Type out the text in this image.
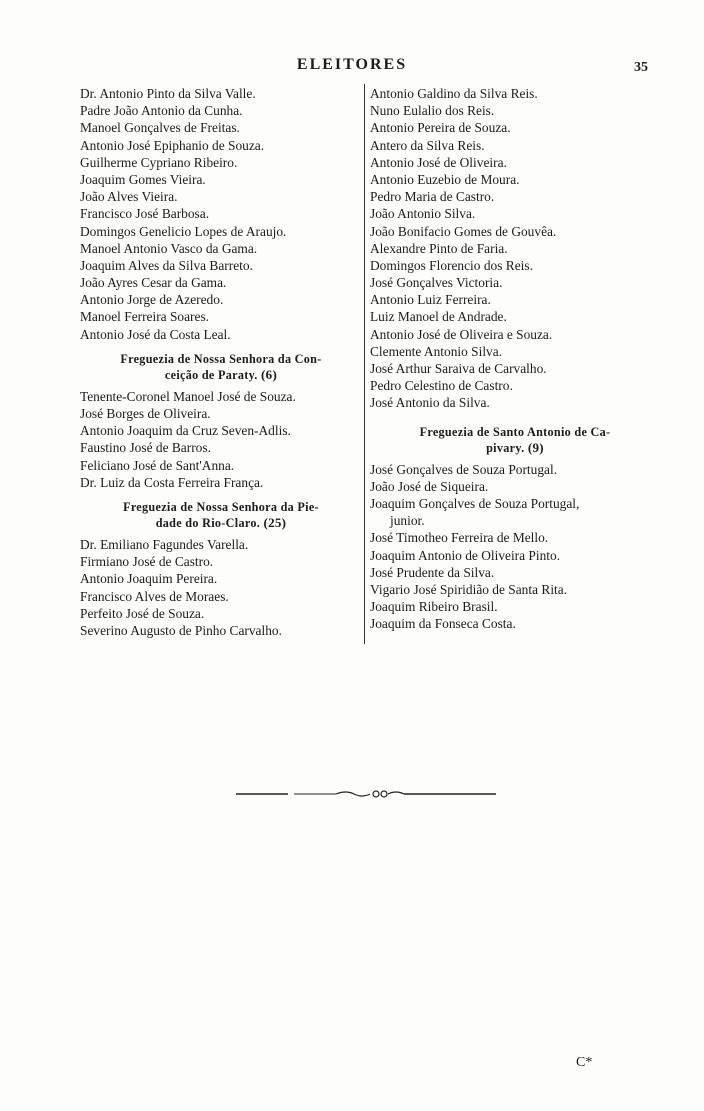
ELEITORES	35
Dr. Antonio Pinto da Silva Valle.
Padre João Antonio da Cunha.
Manoel Gonçalves de Freitas.
Antonio José Epiphanio de Souza.
Guilherme Cypriano Ribeiro.
Joaquim Gomes Vieira.
João Alves Vieira.
Francisco José Barbosa.
Domingos Genelicio Lopes de Araujo.
Manoel Antonio Vasco da Gama.
Joaquim Alves da Silva Barreto.
João Ayres Cesar da Gama.
Antonio Jorge de Azeredo.
Manoel Ferreira Soares.
Antonio José da Costa Leal.
Freguezia de Nossa Senhora da Con-
ceição de Paraty. (6)
Tenente-Coronel Manoel José de Souza.
José Borges de Oliveira.
Antonio Joaquim da Cruz Seven-Adlis.
Faustino José de Barros.
Feliciano José de Sant'Anna.
Dr. Luiz da Costa Ferreira França.
Freguezia de Nossa Senhora da Pie-
dade do Rio-Claro. (25)
Dr. Emiliano Fagundes Varella.
Firmiano José de Castro.
Antonio Joaquim Pereira.
Francisco Alves de Moraes.
Perfeito José de Souza.
Severino Augusto de Pinho Carvalho.
Antonio Galdino da Silva Reis.
Nuno Eulalio dos Reis.
Antonio Pereira de Souza.
Antero da Silva Reis.
Antonio José de Oliveira.
Antonio Euzebio de Moura.
Pedro Maria de Castro.
João Antonio Silva.
João Bonifacio Gomes de Gouvêa.
Alexandre Pinto de Faria.
Domingos Florencio dos Reis.
José Gonçalves Victoria.
Antonio Luiz Ferreira.
Luiz Manoel de Andrade.
Antonio José de Oliveira e Souza.
Clemente Antonio Silva.
José Arthur Saraiva de Carvalho.
Pedro Celestino de Castro.
José Antonio da Silva.
Freguezia de Santo Antonio de Ca-
pivary. (9)
José Gonçalves de Souza Portugal.
João José de Siqueira.
Joaquim Gonçalves de Souza Portugal,
junior.
José Timotheo Ferreira de Mello.
Joaquim Antonio de Oliveira Pinto.
José Prudente da Silva.
Vigario José Spiridião de Santa Rita.
Joaquim Ribeiro Brasil.
Joaquim da Fonseca Costa.
C*
